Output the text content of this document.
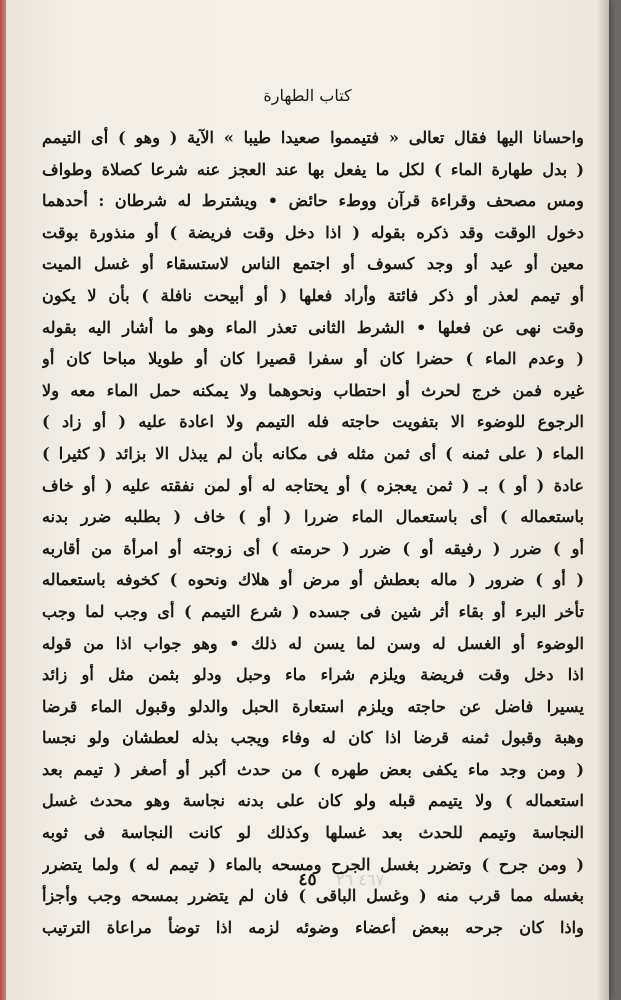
كتاب الطهارة
واحسانا اليها فقال تعالى « فتيمموا صعيدا طيبا » الآية ( وهو ) أى التيمم
( بدل طهارة الماء ) لكل ما يفعل بها عند العجز عنه شرعا كصلاة وطواف
ومس مصحف وقراءة قرآن ووطء حائض • ويشترط له شرطان : أحدهما
دخول الوقت وقد ذكره بقوله ( اذا دخل وقت فريضة ) أو منذورة بوقت
معين أو عيد أو وجد كسوف أو اجتمع الناس لاستسقاء أو غسل الميت
أو تيمم لعذر أو ذكر فائتة وأراد فعلها ( أو أبيحت نافلة ) بأن لا يكون
وقت نهى عن فعلها • الشرط الثانى تعذر الماء وهو ما أشار اليه بقوله
( وعدم الماء ) حضرا كان أو سفرا قصيرا كان أو طويلا مباحا كان أو
غيره فمن خرج لحرث أو احتطاب ونحوهما ولا يمكنه حمل الماء معه ولا
الرجوع للوضوء الا بتفويت حاجته فله التيمم ولا اعادة عليه ( أو زاد )
الماء ( على ثمنه ) أى ثمن مثله فى مكانه بأن لم يبذل الا بزائد ( كثيرا )
عادة ( أو ) بـ ( ثمن يعجزه ) أو يحتاجه له أو لمن نفقته عليه ( أو خاف
باستعماله ) أى باستعمال الماء ضررا ( أو ) خاف ( بطلبه ضرر بدنه
أو ) ضرر ( رفيقه أو ) ضرر ( حرمته ) أى زوجته أو امرأة من أقاربه
( أو ) ضرور ( ماله بعطش أو مرض أو هلاك ونحوه ) كخوفه باستعماله
تأخر البرء أو بقاء أثر شين فى جسده ( شرع التيمم ) أى وجب لما وجب
الوضوء أو الغسل له وسن لما يسن له ذلك • وهو جواب اذا من قوله
اذا دخل وقت فريضة ويلزم شراء ماء وحبل ودلو بثمن مثل أو زائد
يسيرا فاضل عن حاجته ويلزم استعارة الحبل والدلو وقبول الماء قرضا
وهبة وقبول ثمنه قرضا اذا كان له وفاء ويجب بذله لعطشان ولو نجسا
( ومن وجد ماء يكفى بعض طهره ) من حدث أكبر أو أصغر ( تيمم بعد
استعماله ) ولا يتيمم قبله ولو كان على بدنه نجاسة وهو محدث غسل
النجاسة وتيمم للحدث بعد غسلها وكذلك لو كانت النجاسة فى ثوبه
( ومن جرح ) وتضرر بغسل الجرح ومسحه بالماء ( تيمم له ) ولما يتضرر
بغسله مما قرب منه ( وغسل الباقى ) فان لم يتضرر بمسحه وجب وأجزأ
واذا كان جرحه ببعض أعضاء وضوئه لزمه اذا توضأ مراعاة الترتيب
٤٥	٤٦٧ ٢٦
